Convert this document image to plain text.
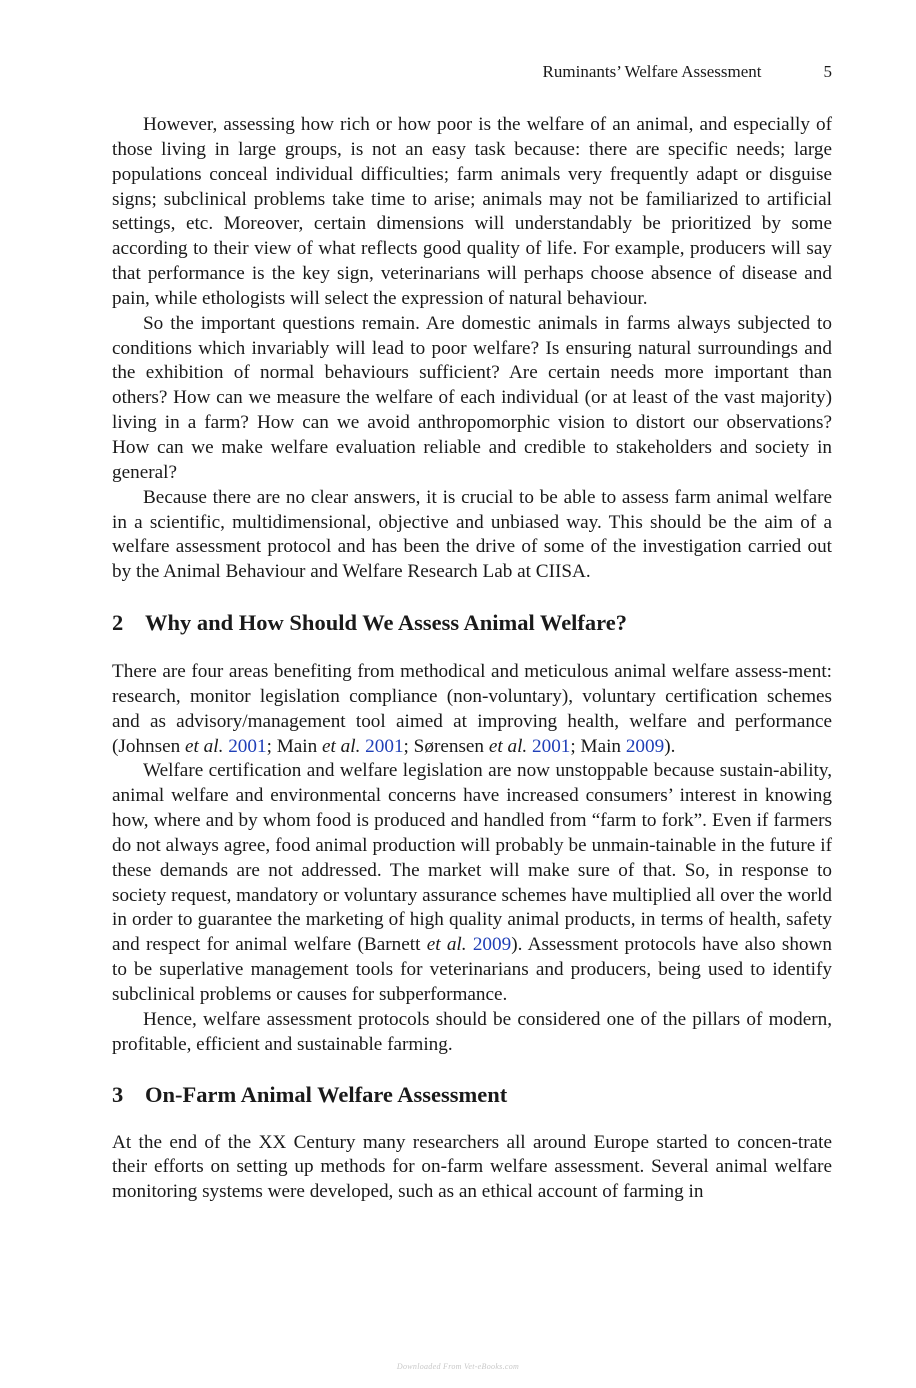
Ruminants’ Welfare Assessment	5

However, assessing how rich or how poor is the welfare of an animal, and especially of those living in large groups, is not an easy task because: there are specific needs; large populations conceal individual difficulties; farm animals very frequently adapt or disguise signs; subclinical problems take time to arise; animals may not be familiarized to artificial settings, etc. Moreover, certain dimensions will understandably be prioritized by some according to their view of what reflects good quality of life. For example, producers will say that performance is the key sign, veterinarians will perhaps choose absence of disease and pain, while ethologists will select the expression of natural behaviour.

So the important questions remain. Are domestic animals in farms always subjected to conditions which invariably will lead to poor welfare? Is ensuring natural surroundings and the exhibition of normal behaviours sufficient? Are certain needs more important than others? How can we measure the welfare of each individual (or at least of the vast majority) living in a farm? How can we avoid anthropomorphic vision to distort our observations? How can we make welfare evaluation reliable and credible to stakeholders and society in general?

Because there are no clear answers, it is crucial to be able to assess farm animal welfare in a scientific, multidimensional, objective and unbiased way. This should be the aim of a welfare assessment protocol and has been the drive of some of the investigation carried out by the Animal Behaviour and Welfare Research Lab at CIISA.

2 Why and How Should We Assess Animal Welfare?

There are four areas benefiting from methodical and meticulous animal welfare assess-ment: research, monitor legislation compliance (non-voluntary), voluntary certification schemes and as advisory/management tool aimed at improving health, welfare and performance (Johnsen et al. 2001; Main et al. 2001; Sørensen et al. 2001; Main 2009).

Welfare certification and welfare legislation are now unstoppable because sustain-ability, animal welfare and environmental concerns have increased consumers’ interest in knowing how, where and by whom food is produced and handled from “farm to fork”. Even if farmers do not always agree, food animal production will probably be unmain-tainable in the future if these demands are not addressed. The market will make sure of that. So, in response to society request, mandatory or voluntary assurance schemes have multiplied all over the world in order to guarantee the marketing of high quality animal products, in terms of health, safety and respect for animal welfare (Barnett et al. 2009). Assessment protocols have also shown to be superlative management tools for veterinarians and producers, being used to identify subclinical problems or causes for subperformance.

Hence, welfare assessment protocols should be considered one of the pillars of modern, profitable, efficient and sustainable farming.

3 On-Farm Animal Welfare Assessment

At the end of the XX Century many researchers all around Europe started to concen-trate their efforts on setting up methods for on-farm welfare assessment. Several animal welfare monitoring systems were developed, such as an ethical account of farming in

Downloaded From Vet-eBooks.com
